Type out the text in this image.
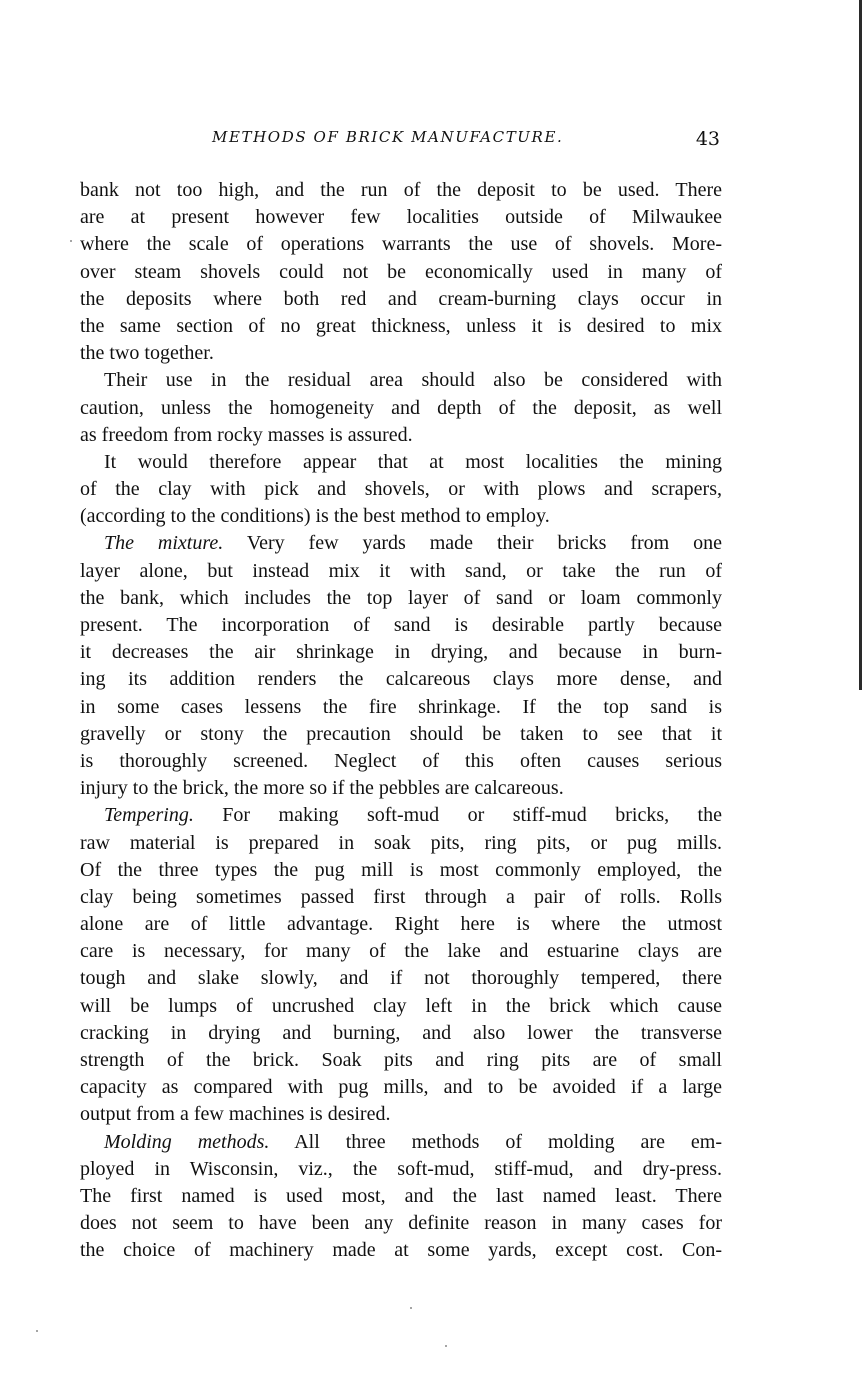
METHODS OF BRICK MANUFACTURE.	43
bank not too high, and the run of the deposit to be used. There
are at present however few localities outside of Milwaukee
where the scale of operations warrants the use of shovels. More-
over steam shovels could not be economically used in many of
the deposits where both red and cream-burning clays occur in
the same section of no great thickness, unless it is desired to mix
the two together.
Their use in the residual area should also be considered with
caution, unless the homogeneity and depth of the deposit, as well
as freedom from rocky masses is assured.
It would therefore appear that at most localities the mining
of the clay with pick and shovels, or with plows and scrapers,
(according to the conditions) is the best method to employ.
The mixture. Very few yards made their bricks from one
layer alone, but instead mix it with sand, or take the run of
the bank, which includes the top layer of sand or loam commonly
present. The incorporation of sand is desirable partly because
it decreases the air shrinkage in drying, and because in burn-
ing its addition renders the calcareous clays more dense, and
in some cases lessens the fire shrinkage. If the top sand is
gravelly or stony the precaution should be taken to see that it
is thoroughly screened. Neglect of this often causes serious
injury to the brick, the more so if the pebbles are calcareous.
Tempering. For making soft-mud or stiff-mud bricks, the
raw material is prepared in soak pits, ring pits, or pug mills.
Of the three types the pug mill is most commonly employed, the
clay being sometimes passed first through a pair of rolls. Rolls
alone are of little advantage. Right here is where the utmost
care is necessary, for many of the lake and estuarine clays are
tough and slake slowly, and if not thoroughly tempered, there
will be lumps of uncrushed clay left in the brick which cause
cracking in drying and burning, and also lower the transverse
strength of the brick. Soak pits and ring pits are of small
capacity as compared with pug mills, and to be avoided if a large
output from a few machines is desired.
Molding methods. All three methods of molding are em-
ployed in Wisconsin, viz., the soft-mud, stiff-mud, and dry-press.
The first named is used most, and the last named least. There
does not seem to have been any definite reason in many cases for
the choice of machinery made at some yards, except cost. Con-
